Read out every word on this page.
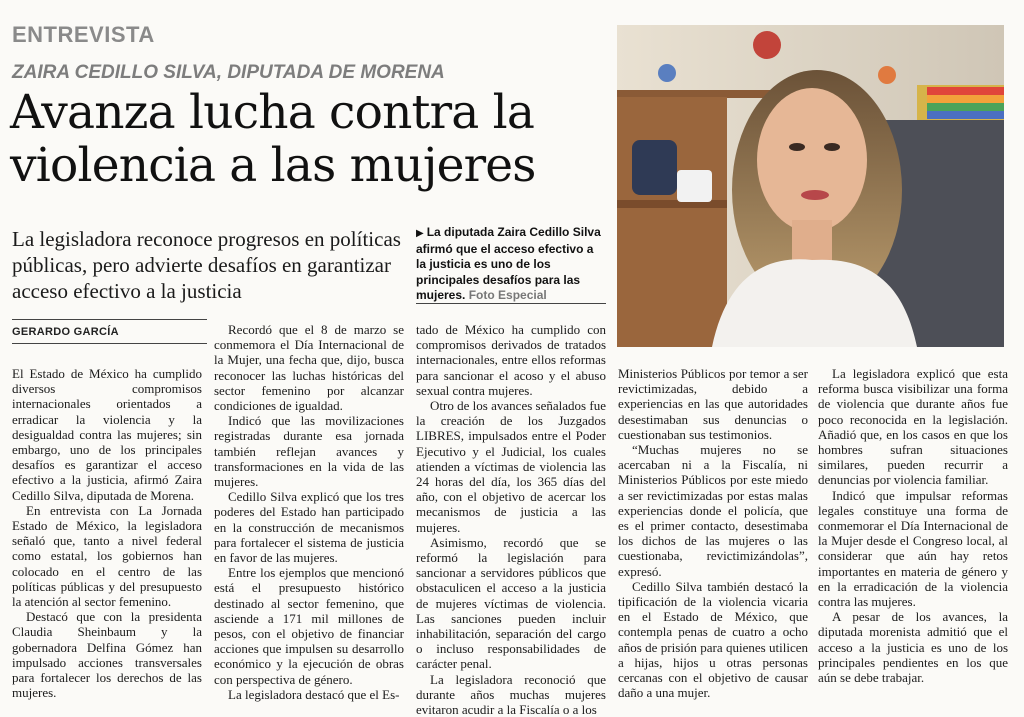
ENTREVISTA
ZAIRA CEDILLO SILVA, DIPUTADA DE MORENA
Avanza lucha contra la violencia a las mujeres

La legisladora reconoce progresos en políticas públicas, pero advierte desafíos en garantizar acceso efectivo a la justicia

▶ La diputada Zaira Cedillo Silva afirmó que el acceso efectivo a la justicia es uno de los principales desafíos para las mujeres. Foto Especial
GERARDO GARCÍA

El Estado de México ha cumplido diversos compromisos internacionales orientados a erradicar la violencia y la desigualdad contra las mujeres; sin embargo, uno de los principales desafíos es garantizar el acceso efectivo a la justicia, afirmó Zaira Cedillo Silva, diputada de Morena.

En entrevista con La Jornada Estado de México, la legisladora señaló que, tanto a nivel federal como estatal, los gobiernos han colocado en el centro de las políticas públicas y del presupuesto la atención al sector femenino.

Destacó que con la presidenta Claudia Sheinbaum y la gobernadora Delfina Gómez han impulsado acciones transversales para fortalecer los derechos de las mujeres.

Recordó que el 8 de marzo se conmemora el Día Internacional de la Mujer, una fecha que, dijo, busca reconocer las luchas históricas del sector femenino por alcanzar condiciones de igualdad.

Indicó que las movilizaciones registradas durante esa jornada también reflejan avances y transformaciones en la vida de las mujeres.

Cedillo Silva explicó que los tres poderes del Estado han participado en la construcción de mecanismos para fortalecer el sistema de justicia en favor de las mujeres.

Entre los ejemplos que mencionó está el presupuesto histórico destinado al sector femenino, que asciende a 171 mil millones de pesos, con el objetivo de financiar acciones que impulsen su desarrollo económico y la ejecución de obras con perspectiva de género.

La legisladora destacó que el Es-

tado de México ha cumplido con compromisos derivados de tratados internacionales, entre ellos reformas para sancionar el acoso y el abuso sexual contra mujeres.

Otro de los avances señalados fue la creación de los Juzgados LIBRES, impulsados entre el Poder Ejecutivo y el Judicial, los cuales atienden a víctimas de violencia las 24 horas del día, los 365 días del año, con el objetivo de acercar los mecanismos de justicia a las mujeres.

Asimismo, recordó que se reformó la legislación para sancionar a servidores públicos que obstaculicen el acceso a la justicia de mujeres víctimas de violencia. Las sanciones pueden incluir inhabilitación, separación del cargo o incluso responsabilidades de carácter penal.

La legisladora reconoció que durante años muchas mujeres evitaron acudir a la Fiscalía o a los

Ministerios Públicos por temor a ser revictimizadas, debido a experiencias en las que autoridades desestimaban sus denuncias o cuestionaban sus testimonios.

“Muchas mujeres no se acercaban ni a la Fiscalía, ni Ministerios Públicos por este miedo a ser revictimizadas por estas malas experiencias donde el policía, que es el primer contacto, desestimaba los dichos de las mujeres o las cuestionaba, revictimizándolas”, expresó.

Cedillo Silva también destacó la tipificación de la violencia vicaria en el Estado de México, que contempla penas de cuatro a ocho años de prisión para quienes utilicen a hijas, hijos u otras personas cercanas con el objetivo de causar daño a una mujer.

La legisladora explicó que esta reforma busca visibilizar una forma de violencia que durante años fue poco reconocida en la legislación. Añadió que, en los casos en que los hombres sufran situaciones similares, pueden recurrir a denuncias por violencia familiar.

Indicó que impulsar reformas legales constituye una forma de conmemorar el Día Internacional de la Mujer desde el Congreso local, al considerar que aún hay retos importantes en materia de género y en la erradicación de la violencia contra las mujeres.

A pesar de los avances, la diputada morenista admitió que el acceso a la justicia es uno de los principales pendientes en los que aún se debe trabajar.
